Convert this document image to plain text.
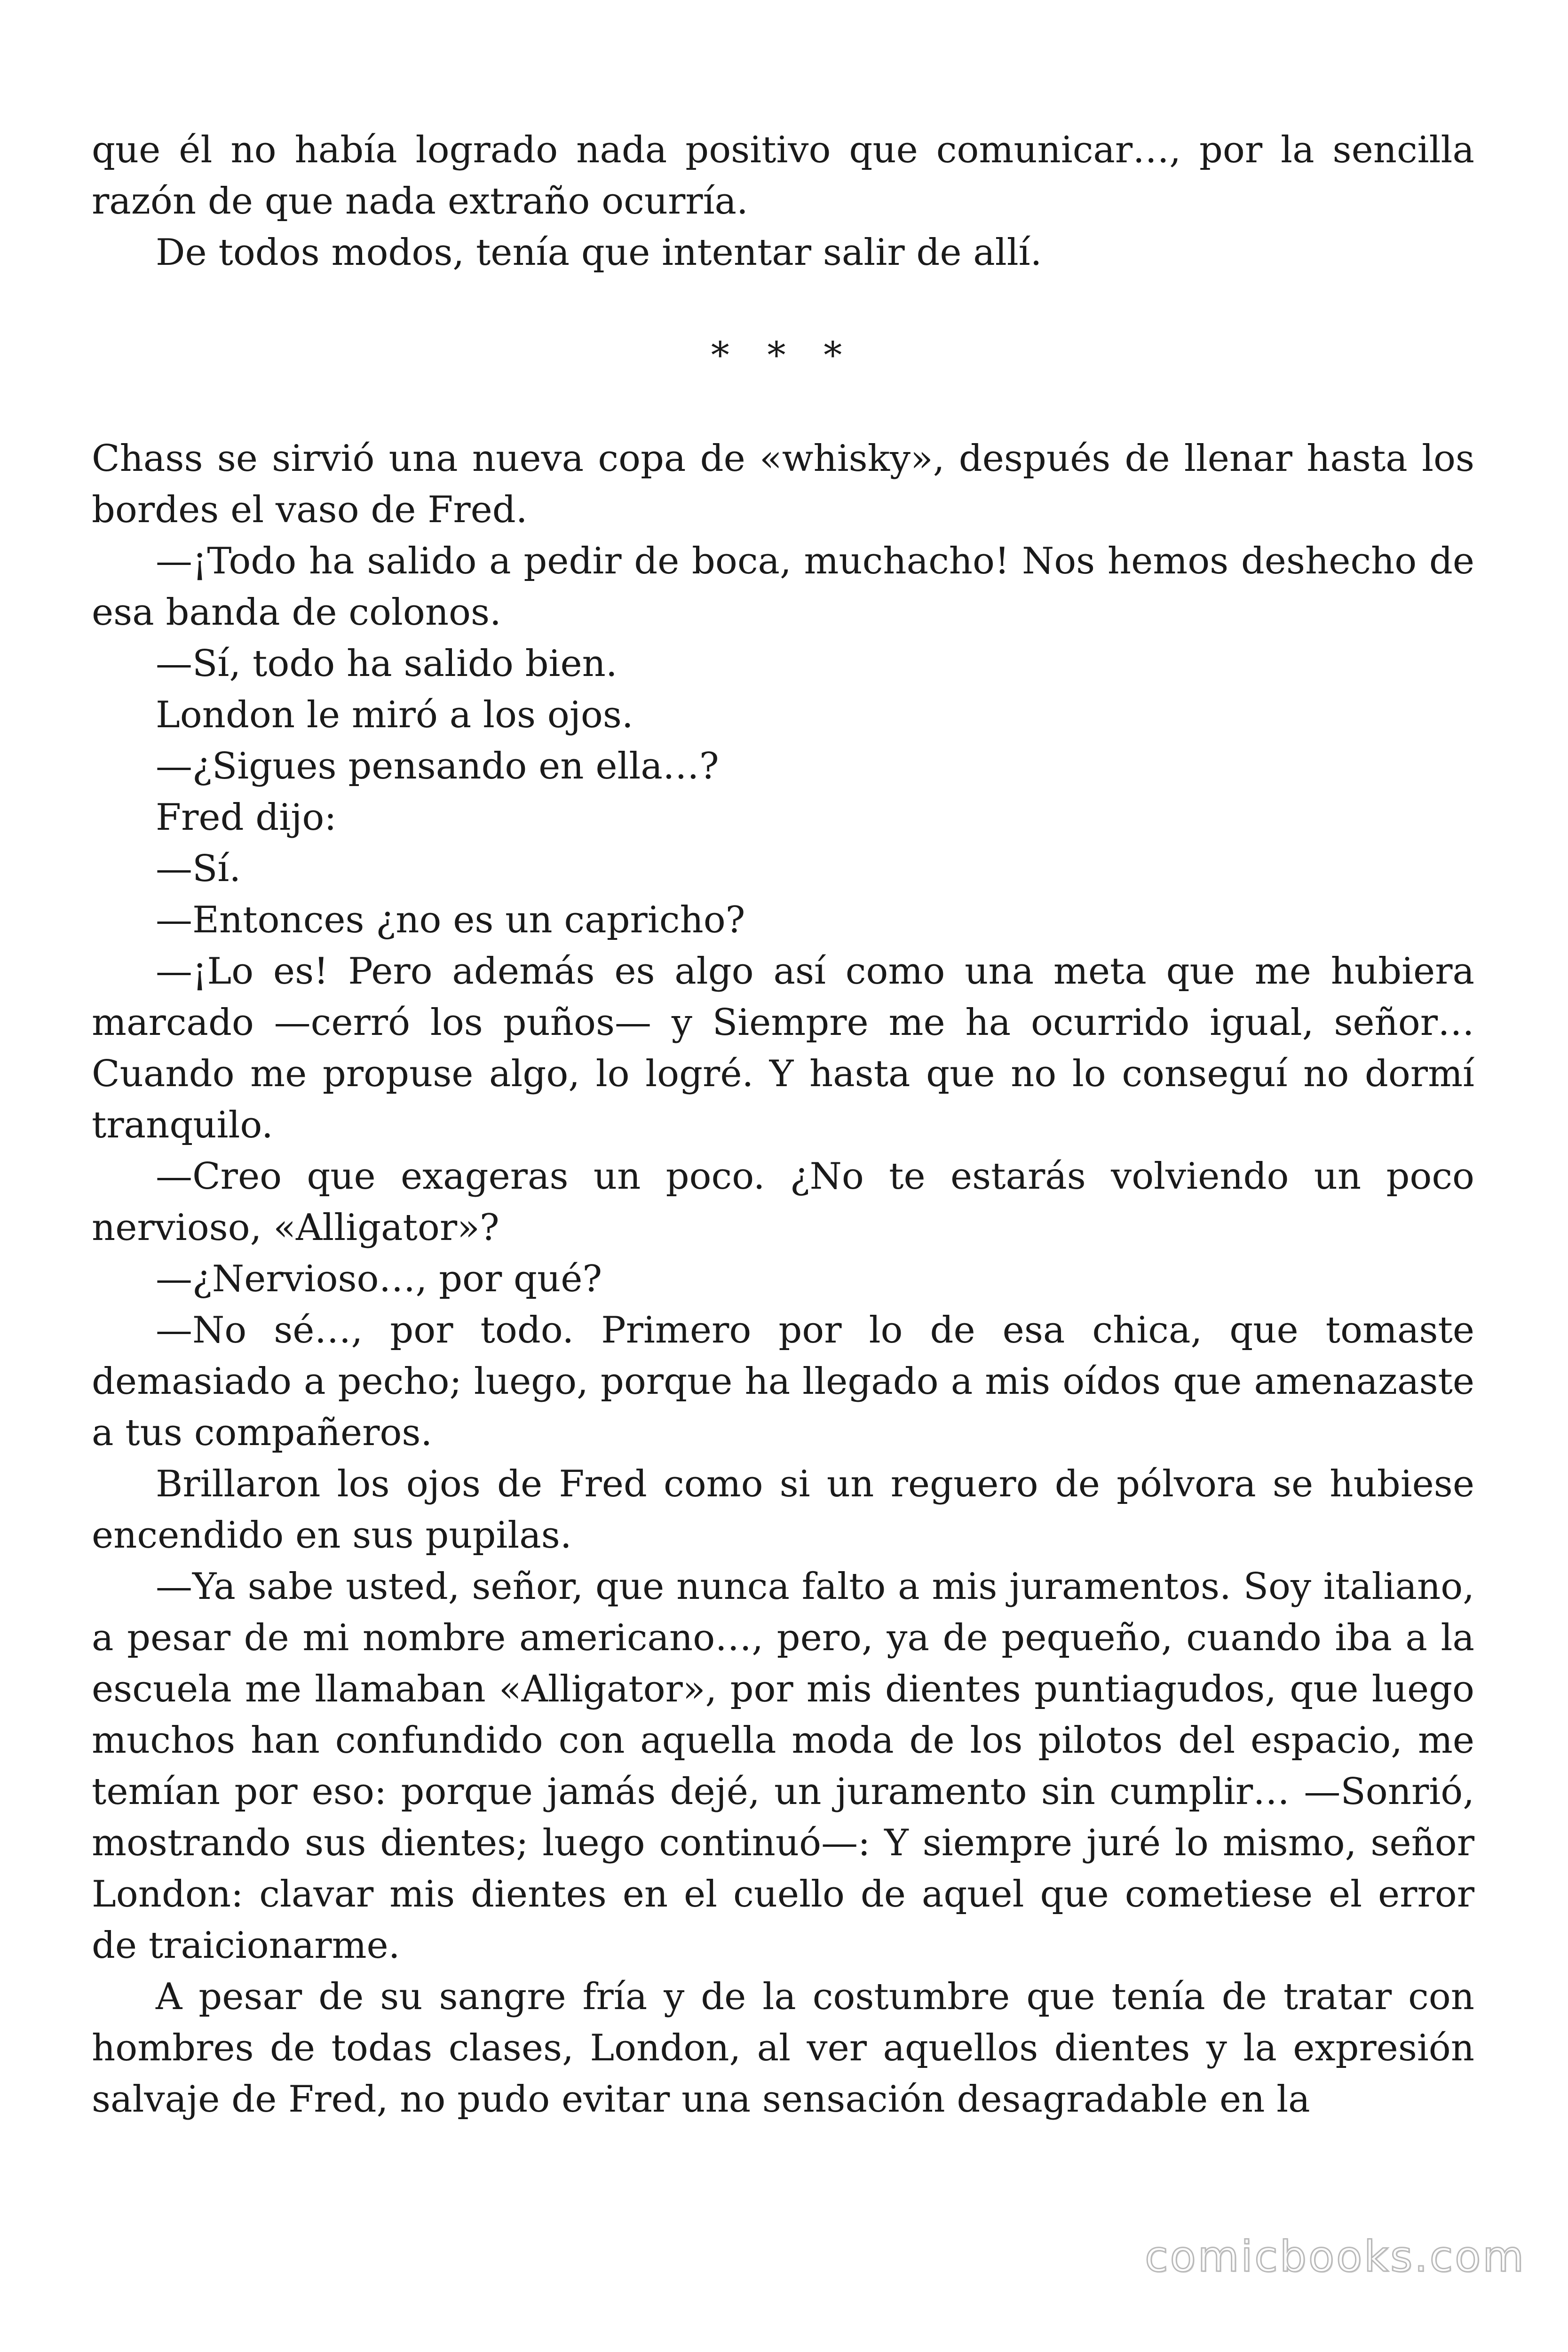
que él no había logrado nada positivo que comunicar…, por la sencilla razón de que nada extraño ocurría.

De todos modos, tenía que intentar salir de allí.

* * *

Chass se sirvió una nueva copa de «whisky», después de llenar hasta los bordes el vaso de Fred.

—¡Todo ha salido a pedir de boca, muchacho! Nos hemos deshecho de esa banda de colonos.

—Sí, todo ha salido bien.

London le miró a los ojos.

—¿Sigues pensando en ella…?

Fred dijo:

—Sí.

—Entonces ¿no es un capricho?

—¡Lo es! Pero además es algo así como una meta que me hubiera marcado —cerró los puños— y Siempre me ha ocurrido igual, señor… Cuando me propuse algo, lo logré. Y hasta que no lo conseguí no dormí tranquilo.

—Creo que exageras un poco. ¿No te estarás volviendo un poco nervioso, «Alligator»?

—¿Nervioso…, por qué?

—No sé…, por todo. Primero por lo de esa chica, que tomaste demasiado a pecho; luego, porque ha llegado a mis oídos que amenazaste a tus compañeros.

Brillaron los ojos de Fred como si un reguero de pólvora se hubiese encendido en sus pupilas.

—Ya sabe usted, señor, que nunca falto a mis juramentos. Soy italiano, a pesar de mi nombre americano…, pero, ya de pequeño, cuando iba a la escuela me llamaban «Alligator», por mis dientes puntiagudos, que luego muchos han confundido con aquella moda de los pilotos del espacio, me temían por eso: porque jamás dejé, un juramento sin cumplir… —Sonrió, mostrando sus dientes; luego continuó—: Y siempre juré lo mismo, señor London: clavar mis dientes en el cuello de aquel que cometiese el error de traicionarme.

A pesar de su sangre fría y de la costumbre que tenía de tratar con hombres de todas clases, London, al ver aquellos dientes y la expresión salvaje de Fred, no pudo evitar una sensación desagradable en la

comicbooks.com
